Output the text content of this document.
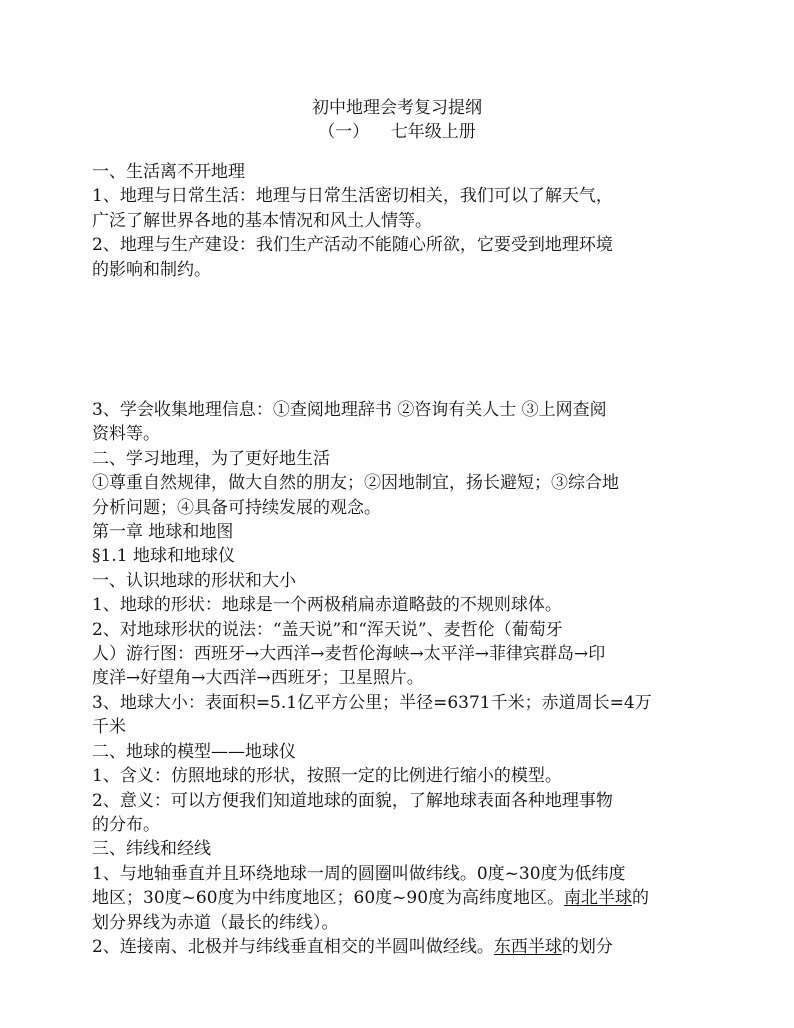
初中地理会考复习提纲
（一）    七年级上册

一、生活离不开地理

1、地理与日常生活：地理与日常生活密切相关，我们可以了解天气，

广泛了解世界各地的基本情况和风土人情等。

2、地理与生产建设：我们生产活动不能随心所欲，它要受到地理环境

的影响和制约。

3、学会收集地理信息：①查阅地理辞书 ②咨询有关人士 ③上网查阅

资料等。

二、学习地理，为了更好地生活

①尊重自然规律，做大自然的朋友；②因地制宜，扬长避短；③综合地

分析问题；④具备可持续发展的观念。

第一章 地球和地图

§1.1 地球和地球仪

一、认识地球的形状和大小

1、地球的形状：地球是一个两极稍扁赤道略鼓的不规则球体。

2、对地球形状的说法：“盖天说”和“浑天说”、麦哲伦（葡萄牙

人）游行图：西班牙→大西洋→麦哲伦海峡→太平洋→菲律宾群岛→印

度洋→好望角→大西洋→西班牙；卫星照片。

3、地球大小：表面积=5.1亿平方公里；半径=6371千米；赤道周长=4万

千米

二、地球的模型——地球仪

1、含义：仿照地球的形状，按照一定的比例进行缩小的模型。

2、意义：可以方便我们知道地球的面貌，了解地球表面各种地理事物

的分布。

三、纬线和经线

1、与地轴垂直并且环绕地球一周的圆圈叫做纬线。0度~30度为低纬度

地区；30度~60度为中纬度地区；60度~90度为高纬度地区。南北半球的

划分界线为赤道（最长的纬线）。

2、连接南、北极并与纬线垂直相交的半圆叫做经线。东西半球的划分
